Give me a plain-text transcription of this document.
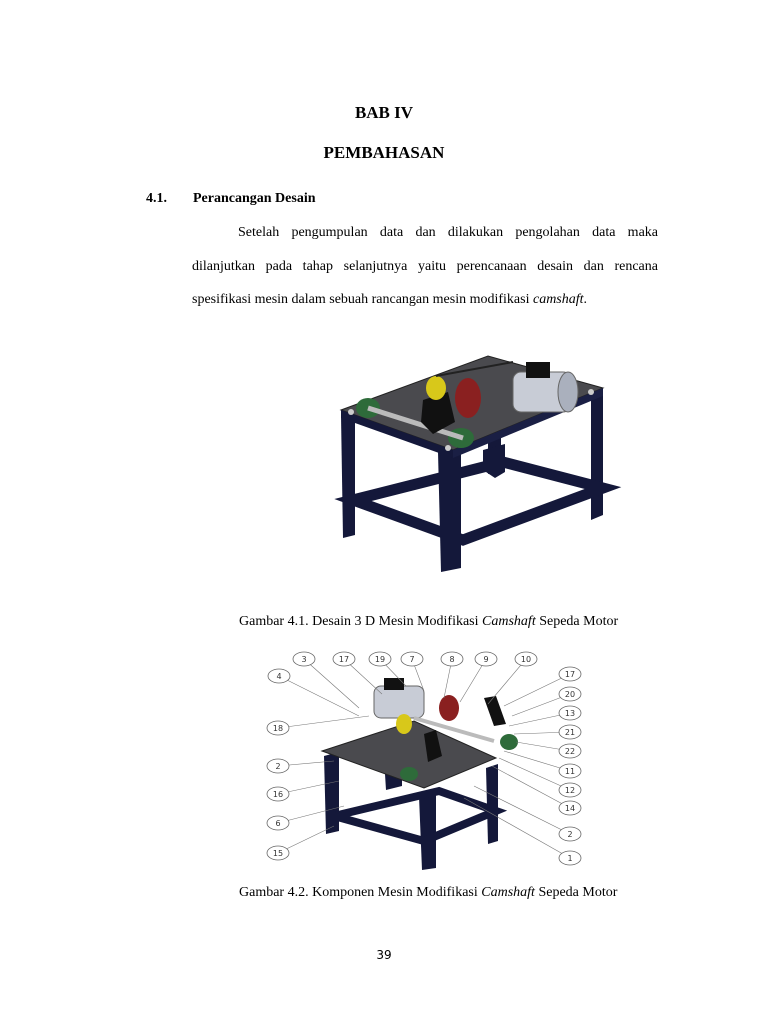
BAB IV
PEMBAHASAN
4.1. Perancangan Desain
Setelah pengumpulan data dan dilakukan pengolahan data maka
dilanjutkan pada tahap selanjutnya yaitu perencanaan desain dan rencana
spesifikasi mesin dalam sebuah rancangan mesin modifikasi camshaft.
Gambar 4.1. Desain 3 D Mesin Modifikasi Camshaft Sepeda Motor
3	17	19	7	8	9	10
4
18
2
16
6
15
17
20
13
21
22
11
12
14
2
1
Gambar 4.2. Komponen Mesin Modifikasi Camshaft Sepeda Motor
39
